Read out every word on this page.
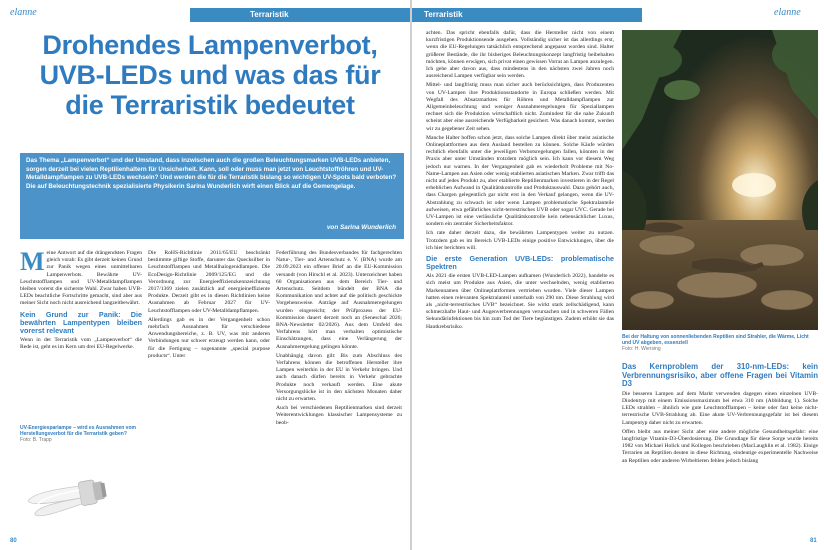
elanne	Terraristik
Drohendes Lampenverbot,
UVB-LEDs und was das für
die Terraristik bedeutet
Das Thema „Lampenverbot“ und der Umstand, dass inzwischen auch die großen Beleuchtungsmarken UVB-LEDs anbieten, sorgen derzeit bei vielen Reptilienhaltern für Unsicherheit. Kann, soll oder muss man jetzt von Leuchtstoffröhren und UV-Metalldampflampen zu UVB-LEDs wechseln? Und werden die für die Terraristik bislang so wichtigen UV-Spots bald verboten? Die auf Beleuchtungstechnik spezialisierte Physikerin Sarina Wunderlich wirft einen Blick auf die Gemengelage.
von Sarina Wunderlich
M eine Antwort auf die drängendsten Fragen gleich vorab: Es gibt derzeit keinen Grund zur Panik wegen eines unmittelbaren Lampenverbots. Bewährte UV-Leuchtstofflampen und UV-Metalldampflampen bleiben vorerst die sicherste Wahl. Zwar haben UVB-LEDs beachtliche Fortschritte gemacht, sind aber aus meiner Sicht noch nicht ausreichend langzeitbewährt.

Kein Grund zur Panik: Die bewährten Lampentypen bleiben vorerst relevant

Wenn in der Terraristik vom „Lampenverbot“ die Rede ist, geht es im Kern um drei EU-Regelwerke.

UV-Energiesparlampe – wird es Ausnahmen vom Herstellungsverbot für die Terraristik geben?
Foto: B. Trapp

Die RoHS-Richtlinie 2011/65/EU beschränkt bestimmte giftige Stoffe, darunter das Quecksilber in Leuchtstofflampen und Metallhalogenidlampen. Die EcoDesign-Richtlinie 2009/125/EG und die Verordnung zur Energieeffizienzkennzeichnung 2017/1369 zielen zusätzlich auf energieineffiziente Produkte. Derzeit gibt es in diesen Richtlinien keine Ausnahmen ab Februar 2027 für UV-Leuchtstofflampen oder UV-Metalldampflampen.

Allerdings gab es in der Vergangenheit schon mehrfach Ausnahmen für verschiedene Anwendungsbereiche, z. B. UV, was mit anderen Verbindungen nur schwer erzeugt werden kann, oder für die Fertigung – sogenannte „special purpose products“. Unter

Federführung des Bundesverbandes für fachgerechten Natur-, Tier- und Artenschutz e. V. (BNA) wurde am 20.09.2023 ein offener Brief an die EU-Kommission versandt (von Hirschl et al. 2023). Unterzeichnet haben 60 Organisationen aus dem Bereich Tier- und Artenschutz. Seitdem bündelt der BNA die Kommunikation und achtet auf die politisch geschickte Vorgehensweise. Anträge auf Ausnahmeregelungen wurden eingereicht; der Prüfprozess der EU-Kommission dauert derzeit noch an (Seneschal 2026; BNA-Newsletter 02/2026). Aus dem Umfeld des Verfahrens hört man verhalten optimistische Einschätzungen, dass eine Verlängerung der Ausnahmeregelung gelingen könnte.

Unabhängig davon gilt: Bis zum Abschluss des Verfahrens können die betroffenen Hersteller ihre Lampen weiterhin in der EU in Verkehr bringen. Und auch danach dürfen bereits in Verkehr gebrachte Produkte noch verkauft werden. Eine akute Versorgungslücke ist in den nächsten Monaten daher nicht zu erwarten.

Auch bei verschiedenen Reptilienmarken sind derzeit Weiterentwicklungen klassischer Lampensysteme zu beob-

80
Terraristik	elanne

achten. Das spricht ebenfalls dafür, dass die Hersteller nicht von einem kurzfristigen Produktionsende ausgehen. Vollständig sicher ist das allerdings erst, wenn die EU-Regelungen tatsächlich entsprechend angepasst worden sind. Halter größerer Bestände, die ihr bisheriges Beleuchtungskonzept langfristig beibehalten möchten, können erwägen, sich privat einen gewissen Vorrat an Lampen anzulegen. Ich gehe aber davon aus, dass mindestens in den nächsten zwei Jahren noch ausreichend Lampen verfügbar sein werden.

Mittel- und langfristig muss man sicher auch berücksichtigen, dass Produzenten von UV-Lampen ihre Produktionsstandorte in Europa schließen werden. Mit Wegfall des Absatzmarktes für Röhren und Metalldampflampen zur Allgemeinbeleuchtung und weniger Ausnahmeregelungen für Speziallampen rechnet sich die Produktion wirtschaftlich nicht. Zumindest für die nahe Zukunft scheint aber eine ausreichende Verfügbarkeit gesichert. Was danach kommt, werden wir zu gegebener Zeit sehen.

Manche Halter hoffen schon jetzt, dass solche Lampen direkt über meist asiatische Onlineplattformen aus dem Ausland bestellen zu können. Solche Käufe würden rechtlich ebenfalls unter die jeweiligen Verbotsregelungen fallen, könnten in der Praxis aber unter Umständen trotzdem möglich sein. Ich kann vor diesem Weg jedoch nur warnen. In der Vergangenheit gab es wiederholt Probleme mit No-Name-Lampen aus Asien oder wenig etablierten asiatischen Marken. Zwar trifft das nicht auf jedes Produkt zu, aber etablierte Reptilienmarken investieren in der Regel erheblichen Aufwand in Qualitätskontrolle und Produktauswahl. Dazu gehört auch, dass Chargen gelegentlich gar nicht erst in den Verkauf gelangen, wenn die UV-Abstrahlung zu schwach ist oder wenn Lampen problematische Spektralanteile aufweisen, etwa gefährliches nicht-terrestrisches UVB oder sogar UVC. Gerade bei UV-Lampen ist eine verlässliche Qualitätskontrolle kein nebensächlicher Luxus, sondern ein zentraler Sicherheitsfaktor.

Ich rate daher derzeit dazu, die bewährten Lampentypen weiter zu nutzen. Trotzdem gab es im Bereich UVB-LEDs einige positive Entwicklungen, über die ich hier berichten will.

Die erste Generation UVB-LEDs: problematische Spektren

Als 2021 die ersten UVB-LED-Lampen aufkamen (Wunderlich 2022), handelte es sich meist um Produkte aus Asien, die unter wechselnden, wenig etablierten Markennamen über Onlineplattformen vertrieben wurden. Viele dieser Lampen hatten einen relevanten Spektralanteil unterhalb von 290 nm. Diese Strahlung wird als „nicht-terrestrisches UVB“ bezeichnet. Sie wirkt stark zellschädigend, kann schmerzhafte Haut- und Augenverbrennungen verursachen und in schweren Fällen Sekundärinfektionen bis hin zum Tod der Tiere begünstigen. Zudem erhöht sie das Hautkrebsrisiko.

Bei der Haltung von sonnenliebenden Reptilien sind Strahler, die Wärme, Licht und UV abgeben, essenziell
Foto: H. Wiersing
Das Kernproblem der 310-nm-LEDs: kein Verbrennungsrisiko, aber offene Fragen bei Vitamin D3

Die besseren Lampen auf dem Markt verwenden dagegen einen einzelnen UVB-Diodentyp mit einem Emissionsmaximum bei etwa 310 nm (Abbildung 1). Solche LEDs strahlen – ähnlich wie gute Leuchtstofflampen – keine oder fast keine nicht-terrestrische UVB-Strahlung ab. Eine akute UV-Verbrennungsgefahr ist bei diesem Lampentyp daher nicht zu erwarten.

Offen bleibt aus meiner Sicht aber eine andere mögliche Gesundheitsgefahr: eine langfristige Vitamin-D3-Überdosierung. Die Grundlage für diese Sorge wurde bereits 1982 von Michael Holick und Kollegen beschrieben (MacLaughlin et al. 1982). Einige Terrarien an Reptilien deuten in diese Richtung, eindeutige experimentelle Nachweise an Reptilien oder anderen Wirbeltieren fehlen jedoch bislang

81
